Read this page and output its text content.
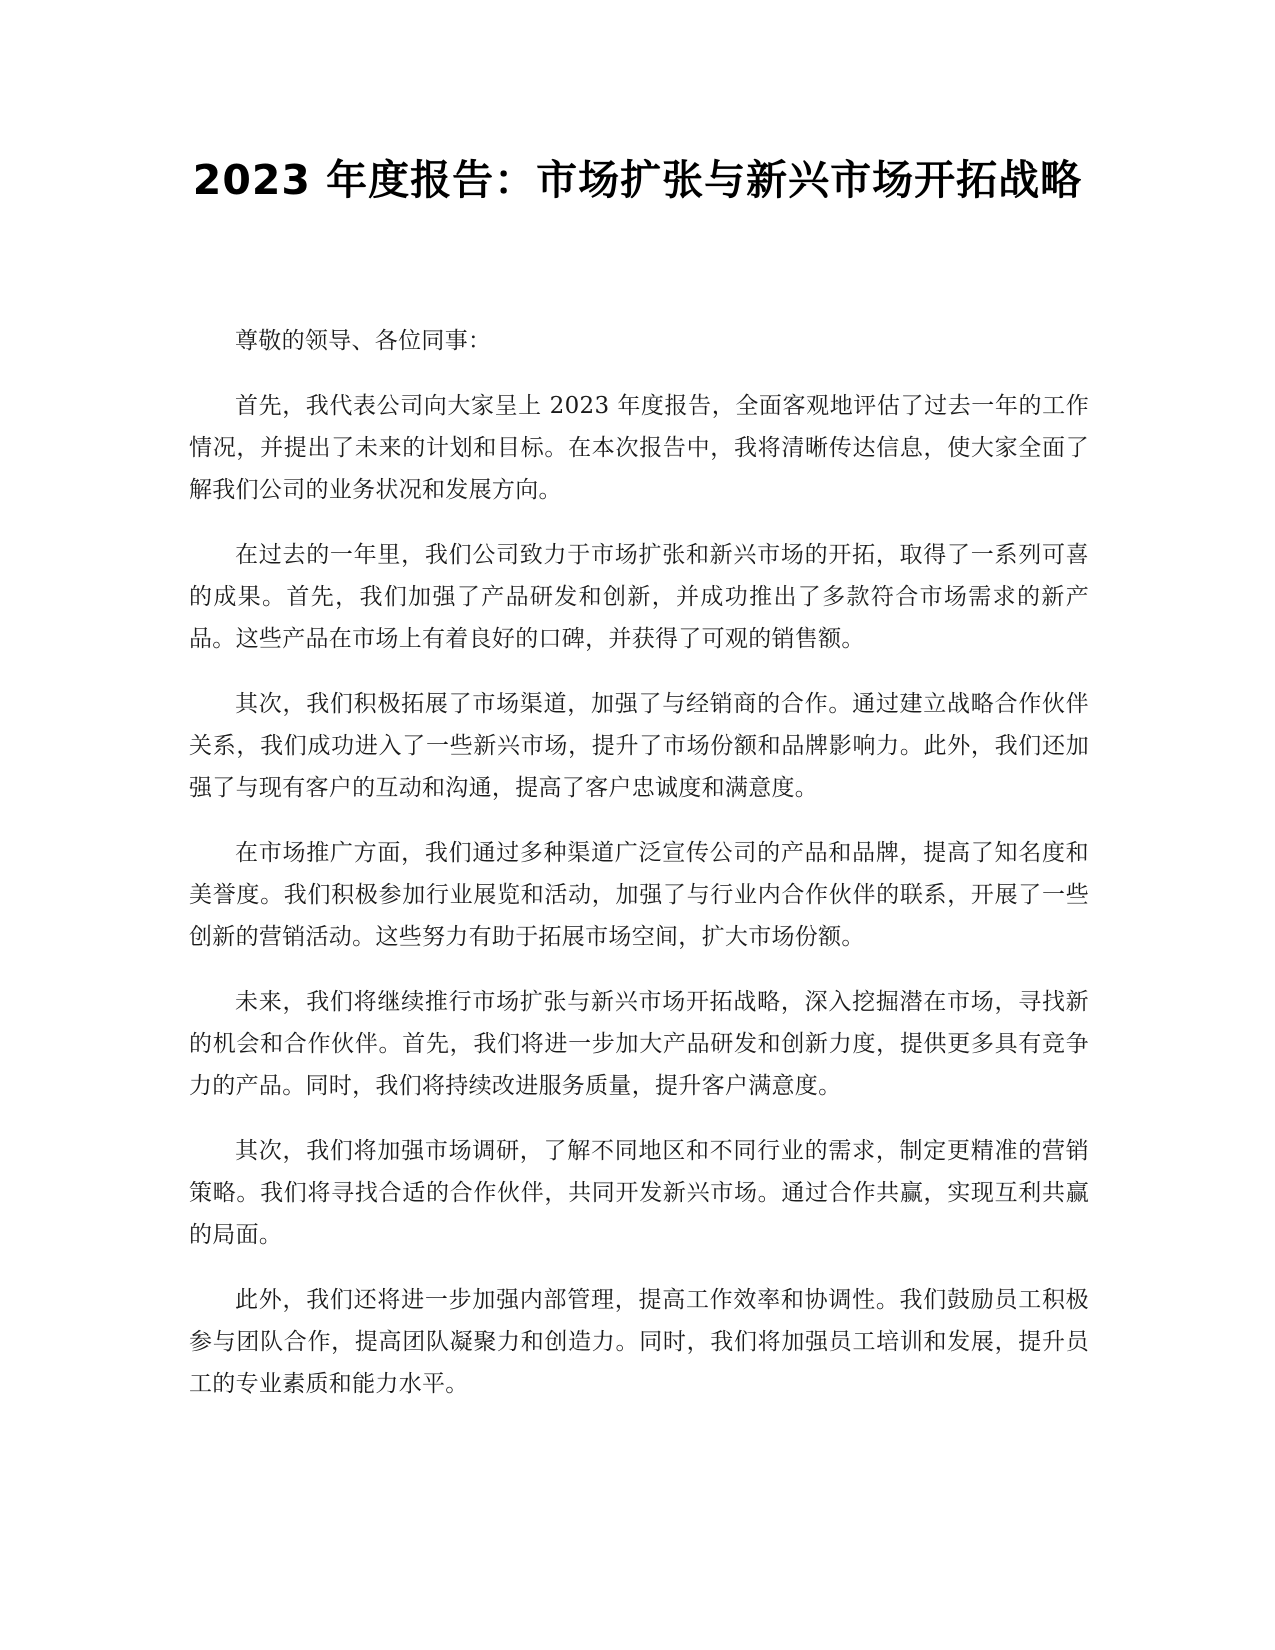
2023 年度报告：市场扩张与新兴市场开拓战略

尊敬的领导、各位同事：

首先，我代表公司向大家呈上 2023 年度报告，全面客观地评估了过去一年的工作情况，并提出了未来的计划和目标。在本次报告中，我将清晰传达信息，使大家全面了解我们公司的业务状况和发展方向。

在过去的一年里，我们公司致力于市场扩张和新兴市场的开拓，取得了一系列可喜的成果。首先，我们加强了产品研发和创新，并成功推出了多款符合市场需求的新产品。这些产品在市场上有着良好的口碑，并获得了可观的销售额。

其次，我们积极拓展了市场渠道，加强了与经销商的合作。通过建立战略合作伙伴关系，我们成功进入了一些新兴市场，提升了市场份额和品牌影响力。此外，我们还加强了与现有客户的互动和沟通，提高了客户忠诚度和满意度。

在市场推广方面，我们通过多种渠道广泛宣传公司的产品和品牌，提高了知名度和美誉度。我们积极参加行业展览和活动，加强了与行业内合作伙伴的联系，开展了一些创新的营销活动。这些努力有助于拓展市场空间，扩大市场份额。

未来，我们将继续推行市场扩张与新兴市场开拓战略，深入挖掘潜在市场，寻找新的机会和合作伙伴。首先，我们将进一步加大产品研发和创新力度，提供更多具有竞争力的产品。同时，我们将持续改进服务质量，提升客户满意度。

其次，我们将加强市场调研，了解不同地区和不同行业的需求，制定更精准的营销策略。我们将寻找合适的合作伙伴，共同开发新兴市场。通过合作共赢，实现互利共赢的局面。

此外，我们还将进一步加强内部管理，提高工作效率和协调性。我们鼓励员工积极参与团队合作，提高团队凝聚力和创造力。同时，我们将加强员工培训和发展，提升员工的专业素质和能力水平。
